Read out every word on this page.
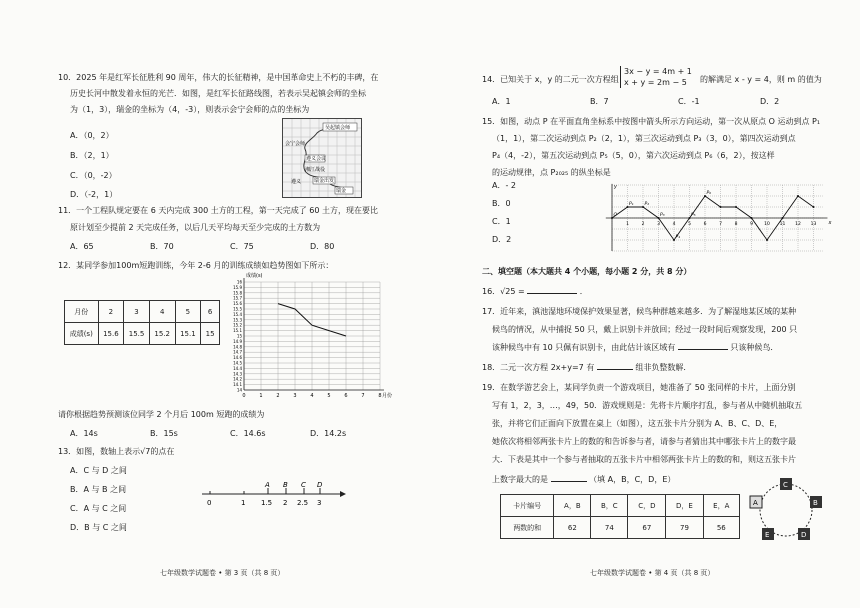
10．2025 年是红军长征胜利 90 周年，伟大的长征精神，是中国革命史上不朽的丰碑，在
历史长河中散发着永恒的光芒．如图，是红军长征路线图，若表示吴起镇会师的坐标
为（1，3），瑞金的坐标为（4，-3），则表示会宁会师的点的坐标为
A．（0，2）
B．（2，1）
C．（0，-2）
D．（-2，1）
吴起镇会师
会宁会师
遵义会议
湘江战役
瑞金出发
遵义
瑞金
11．一个工程队规定要在 6 天内完成 300 土方的工程，第一天完成了 60 土方，现在要比
原计划至少提前 2 天完成任务，以后几天平均每天至少完成的土方数为
A．65	B．70	C．75	D．80
12．某同学参加100m短跑训练，今年 2-6 月的训练成绩如趋势图如下所示：
月份	2	3	4	5	6
成绩(s)	15.6	15.5	15.2	15.1	15
14
14.1
14.2
14.3
14.4
14.5
14.6
14.7
14.8
14.9
15
15.1
15.2
15.3
15.4
15.5
15.6
15.7
15.8
15.9
16
0	1	2	3	4	5	6	7	8
成绩(s)
月份
请你根据趋势预测该位同学 2 个月后 100m 短跑的成绩为
A．14s	B．15s	C．14.6s	D．14.2s
13．如图，数轴上表示√7的点在
A．C 与 D 之间
B．A 与 B 之间
C．A 与 C 之间
D．B 与 C 之间
A B C D
0	1 1.5 2 2.5 3
七年级数学试题卷 • 第 3 页（共 8 页）
14．已知关于 x，y 的二元一次方程组
3x − y = 4m + 1
x + y = 2m − 5	的解满足 x - y = 4，则 m 的值为
A．1	B．7	C．-1	D．2
15．如图，动点 P 在平面直角坐标系中按图中箭头所示方向运动，第一次从原点 O 运动到点 P₁
（1，1），第二次运动到点 P₂（2，1），第三次运动到点 P₃（3，0），第四次运动到点
P₄（4，-2），第五次运动到点 P₅（5，0），第六次运动到点 P₆（6，2），按这样
的运动规律，点 P₂₀₂₅ 的纵坐标是
A．- 2
B．0
C．1
D．2
x
y
1	2	3	4	5	6	7	8	9 10 11 12 13
O
P₁ P₂
P₃
P₄
P₅
P₆
二、填空题（本大题共 4 个小题，每小题 2 分，共 8 分）
16．√25 =	．
17．近年来，滇池湿地环境保护效果显著，候鸟种群越来越多．为了解湿地某区域的某种
候鸟的情况，从中捕捉 50 只，戴上识别卡并放回；经过一段时间后观察发现，200 只
该种候鸟中有 10 只佩有识别卡，由此估计该区域有	只该种候鸟．
18．二元一次方程 2x+y=7 有	组非负整数解．
19．在数学游艺会上，某同学负责一个游戏项目，她准备了 50 张同样的卡片，上面分别
写有 1，2，3，…，49，50．游戏规则是：先将卡片顺序打乱，参与者从中随机抽取五
张，并将它们正面向下放置在桌上（如图），这五张卡片分别为 A、B、C、D、E，
她依次将相邻两张卡片上的数的和告诉参与者，请参与者猜出其中哪张卡片上的数字最
大．下表是其中一个参与者抽取的五张卡片中相邻两张卡片上的数的和，则这五张卡片
上数字最大的是	（填 A，B，C，D，E）
卡片编号	A，B	B，C	C，D	D，E	E，A
两数的和	62	74	67	79	56
C
A	B
E	D
七年级数学试题卷 • 第 4 页（共 8 页）
